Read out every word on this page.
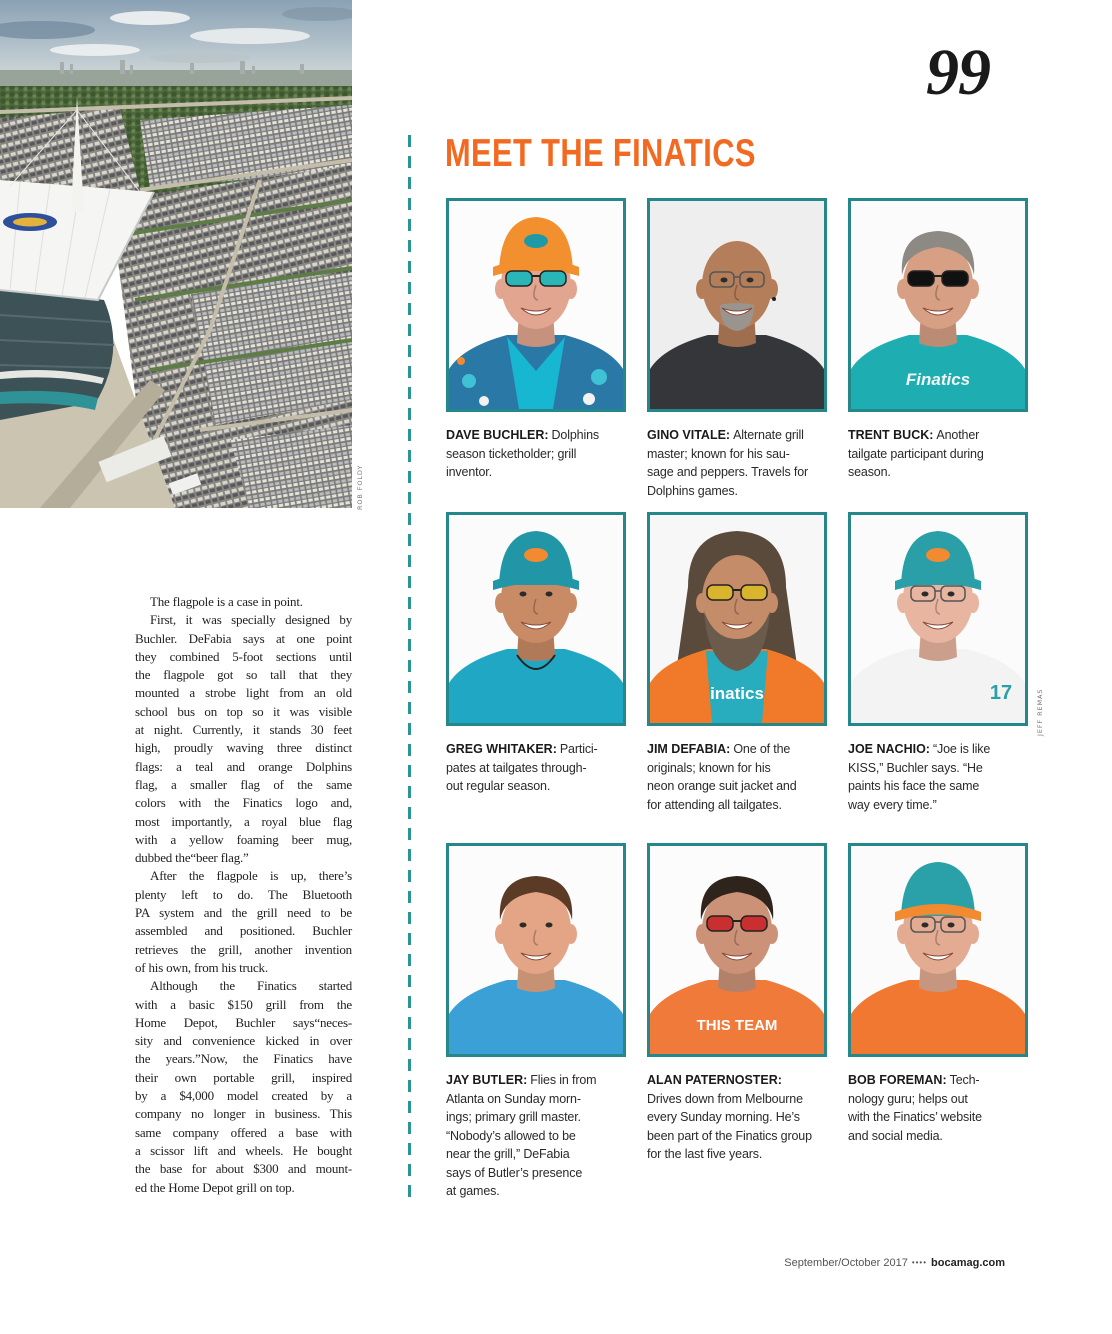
ROB FOLDY
JEFF REMAS
99
MEET THE FINATICS
DAVE BUCHLER: Dolphins
season ticketholder; grill
inventor.
GINO VITALE: Alternate grill
master; known for his sau-
sage and peppers. Travels for
Dolphins games.
Finatics
TRENT BUCK: Another
tailgate participant during
season.
GREG WHITAKER: Partici-
pates at tailgates through-
out regular season.
inatics
JIM DEFABIA: One of the
originals; known for his
neon orange suit jacket and
for attending all tailgates.
17
JOE NACHIO: “Joe is like
KISS,” Buchler says. “He
paints his face the same
way every time.”
JAY BUTLER: Flies in from
Atlanta on Sunday morn-
ings; primary grill master.
“Nobody’s allowed to be
near the grill,” DeFabia
says of Butler’s presence
at games.
THIS TEAM
ALAN PATERNOSTER:
Drives down from Melbourne
every Sunday morning. He’s
been part of the Finatics group
for the last five years.
BOB FOREMAN: Tech-
nology guru; helps out
with the Finatics’ website
and social media.
The flagpole is a case in point.
First, it was specially designed by
Buchler. DeFabia says at one point
they combined 5-foot sections until
the flagpole got so tall that they
mounted a strobe light from an old
school bus on top so it was visible
at night. Currently, it stands 30 feet
high, proudly waving three distinct
flags: a teal and orange Dolphins
flag, a smaller flag of the same
colors with the Finatics logo and,
most importantly, a royal blue flag
with a yellow foaming beer mug,
dubbed the“beer flag.”
After the flagpole is up, there’s
plenty left to do. The Bluetooth
PA system and the grill need to be
assembled and positioned. Buchler
retrieves the grill, another invention
of his own, from his truck.
Although the Finatics started
with a basic $150 grill from the
Home Depot, Buchler says“neces-
sity and convenience kicked in over
the years.”Now, the Finatics have
their own portable grill, inspired
by a $4,000 model created by a
company no longer in business. This
same company offered a base with
a scissor lift and wheels. He bought
the base for about $300 and mount-
ed the Home Depot grill on top.
September/October 2017 •••• bocamag.com
